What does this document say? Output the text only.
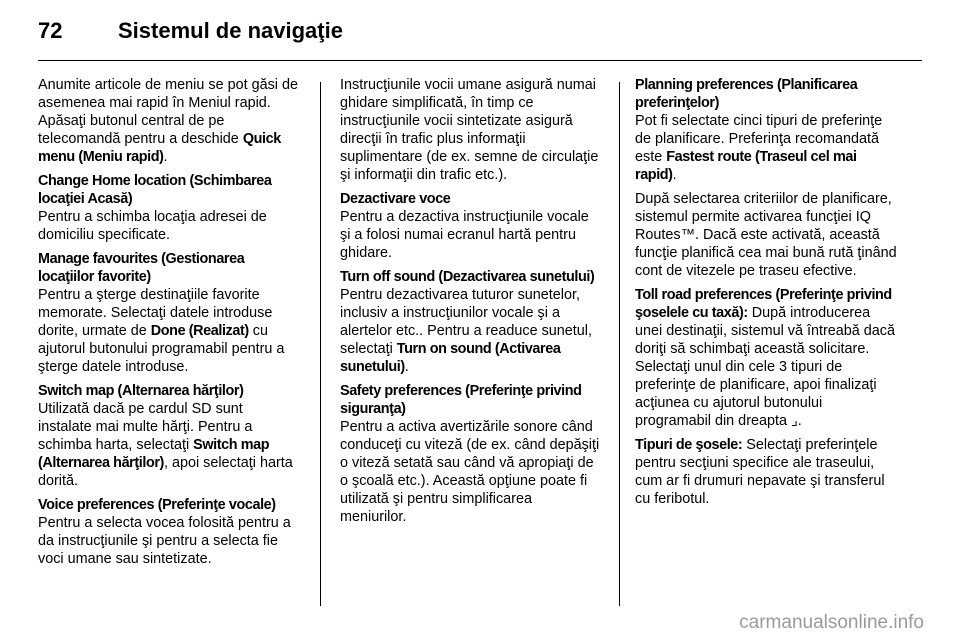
72	Sistemul de navigaţie

Anumite articole de meniu se pot găsi de asemenea mai rapid în Meniul rapid. Apăsaţi butonul central de pe telecomandă pentru a deschide Quick menu (Meniu rapid).

Change Home location (Schimbarea locaţiei Acasă)

Pentru a schimba locaţia adresei de domiciliu specificate.

Manage favourites (Gestionarea locaţiilor favorite)

Pentru a şterge destinaţiile favorite memorate. Selectaţi datele introduse dorite, urmate de Done (Realizat) cu ajutorul butonului programabil pentru a şterge datele introduse.

Switch map (Alternarea hărţilor)

Utilizată dacă pe cardul SD sunt instalate mai multe hărţi. Pentru a schimba harta, selectaţi Switch map (Alternarea hărţilor), apoi selectaţi harta dorită.

Voice preferences (Preferinţe vocale)

Pentru a selecta vocea folosită pentru a da instrucţiunile şi pentru a selecta fie voci umane sau sintetizate.

Instrucţiunile vocii umane asigură numai ghidare simplificată, în timp ce instrucţiunile vocii sintetizate asigură direcţii în trafic plus informaţii suplimentare (de ex. semne de circulaţie şi informaţii din trafic etc.).

Dezactivare voce

Pentru a dezactiva instrucţiunile vocale şi a folosi numai ecranul hartă pentru ghidare.

Turn off sound (Dezactivarea sunetului)

Pentru dezactivarea tuturor sunetelor, inclusiv a instrucţiunilor vocale şi a alertelor etc.. Pentru a readuce sunetul, selectaţi Turn on sound (Activarea sunetului).

Safety preferences (Preferinţe privind siguranţa)

Pentru a activa avertizările sonore când conduceţi cu viteză (de ex. când depăşiţi o viteză setată sau când vă apropiaţi de o şcoală etc.). Această opţiune poate fi utilizată şi pentru simplificarea meniurilor.

Planning preferences (Planificarea preferinţelor)

Pot fi selectate cinci tipuri de preferinţe de planificare. Preferinţa recomandată este Fastest route (Traseul cel mai rapid).

După selectarea criteriilor de planificare, sistemul permite activarea funcţiei IQ Routes™. Dacă este activată, această funcţie planifică cea mai bună rută ţinând cont de vitezele pe traseu efective.

Toll road preferences (Preferinţe privind şoselele cu taxă): După introducerea unei destinaţii, sistemul vă întreabă dacă doriţi să schimbaţi această solicitare. Selectaţi unul din cele 3 tipuri de preferinţe de planificare, apoi finalizaţi acţiunea cu ajutorul butonului programabil din dreapta ⌟.

Tipuri de şosele: Selectaţi preferinţele pentru secţiuni specifice ale traseului, cum ar fi drumuri nepavate şi transferul cu feribotul.

carmanualsonline.info
